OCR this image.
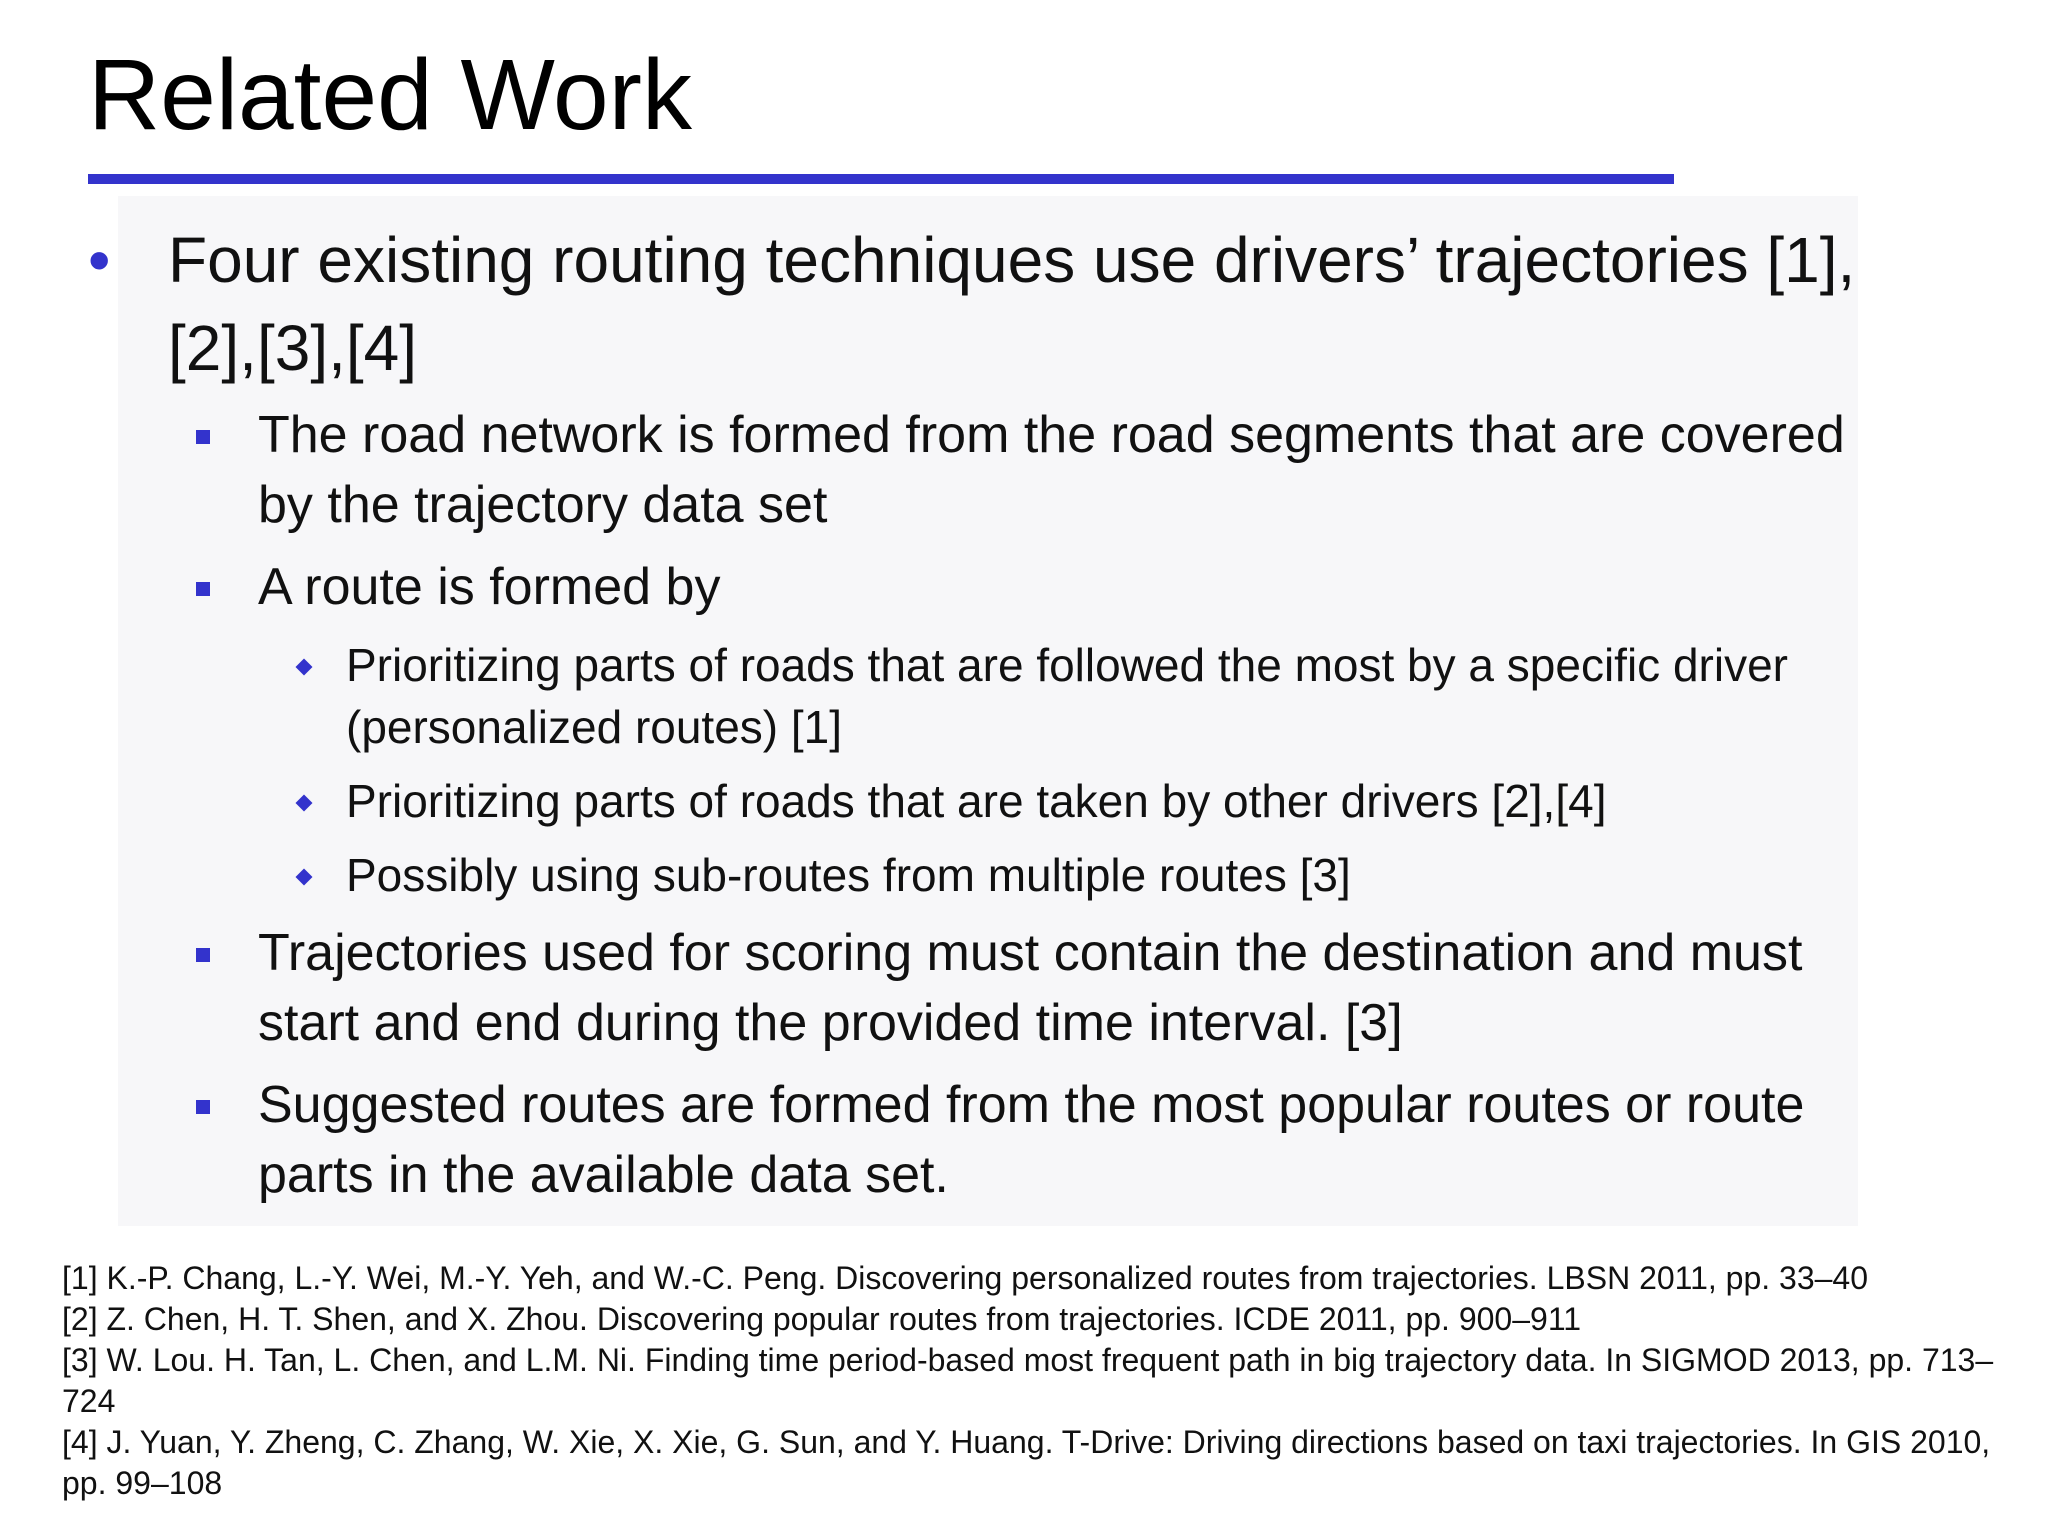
Related Work
• Four existing routing techniques use drivers’ trajectories [1],[2],[3],[4]
The road network is formed from the road segments that are covered by the trajectory data set
A route is formed by
Prioritizing parts of roads that are followed the most by a specific driver (personalized routes) [1]
Prioritizing parts of roads that are taken by other drivers [2],[4]
Possibly using sub-routes from multiple routes [3]
Trajectories used for scoring must contain the destination and must start and end during the provided time interval. [3]
Suggested routes are formed from the most popular routes or route parts in the available data set.

[1] K.-P. Chang, L.-Y. Wei, M.-Y. Yeh, and W.-C. Peng. Discovering personalized routes from trajectories. LBSN 2011, pp. 33–40

[2] Z. Chen, H. T. Shen, and X. Zhou. Discovering popular routes from trajectories. ICDE 2011, pp. 900–911

[3] W. Lou. H. Tan, L. Chen, and L.M. Ni. Finding time period-based most frequent path in big trajectory data. In SIGMOD 2013, pp. 713–724

[4] J. Yuan, Y. Zheng, C. Zhang, W. Xie, X. Xie, G. Sun, and Y. Huang. T-Drive: Driving directions based on taxi trajectories. In GIS 2010, pp. 99–108
